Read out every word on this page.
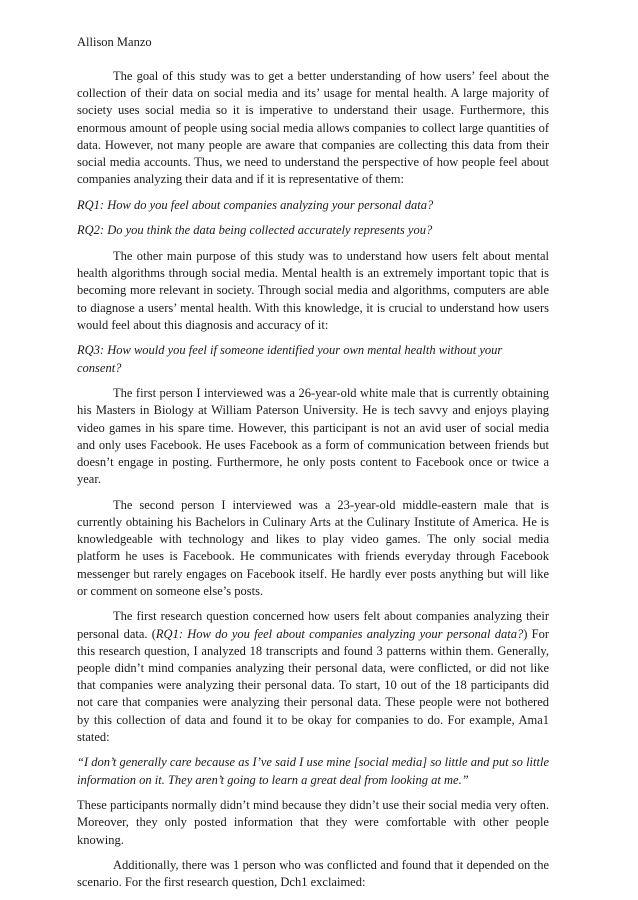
Allison Manzo

The goal of this study was to get a better understanding of how users’ feel about the collection of their data on social media and its’ usage for mental health. A large majority of society uses social media so it is imperative to understand their usage. Furthermore, this enormous amount of people using social media allows companies to collect large quantities of data. However, not many people are aware that companies are collecting this data from their social media accounts. Thus, we need to understand the perspective of how people feel about companies analyzing their data and if it is representative of them:

RQ1: How do you feel about companies analyzing your personal data?

RQ2: Do you think the data being collected accurately represents you?

The other main purpose of this study was to understand how users felt about mental health algorithms through social media. Mental health is an extremely important topic that is becoming more relevant in society. Through social media and algorithms, computers are able to diagnose a users’ mental health. With this knowledge, it is crucial to understand how users would feel about this diagnosis and accuracy of it:

RQ3: How would you feel if someone identified your own mental health without your consent?

The first person I interviewed was a 26-year-old white male that is currently obtaining his Masters in Biology at William Paterson University. He is tech savvy and enjoys playing video games in his spare time. However, this participant is not an avid user of social media and only uses Facebook. He uses Facebook as a form of communication between friends but doesn’t engage in posting. Furthermore, he only posts content to Facebook once or twice a year.

The second person I interviewed was a 23-year-old middle-eastern male that is currently obtaining his Bachelors in Culinary Arts at the Culinary Institute of America. He is knowledgeable with technology and likes to play video games. The only social media platform he uses is Facebook. He communicates with friends everyday through Facebook messenger but rarely engages on Facebook itself. He hardly ever posts anything but will like or comment on someone else’s posts.

The first research question concerned how users felt about companies analyzing their personal data. (RQ1: How do you feel about companies analyzing your personal data?) For this research question, I analyzed 18 transcripts and found 3 patterns within them. Generally, people didn’t mind companies analyzing their personal data, were conflicted, or did not like that companies were analyzing their personal data. To start, 10 out of the 18 participants did not care that companies were analyzing their personal data. These people were not bothered by this collection of data and found it to be okay for companies to do. For example, Ama1 stated:

“I don’t generally care because as I’ve said I use mine [social media] so little and put so little information on it. They aren’t going to learn a great deal from looking at me.”

These participants normally didn’t mind because they didn’t use their social media very often. Moreover, they only posted information that they were comfortable with other people knowing.

Additionally, there was 1 person who was conflicted and found that it depended on the scenario. For the first research question, Dch1 exclaimed:
